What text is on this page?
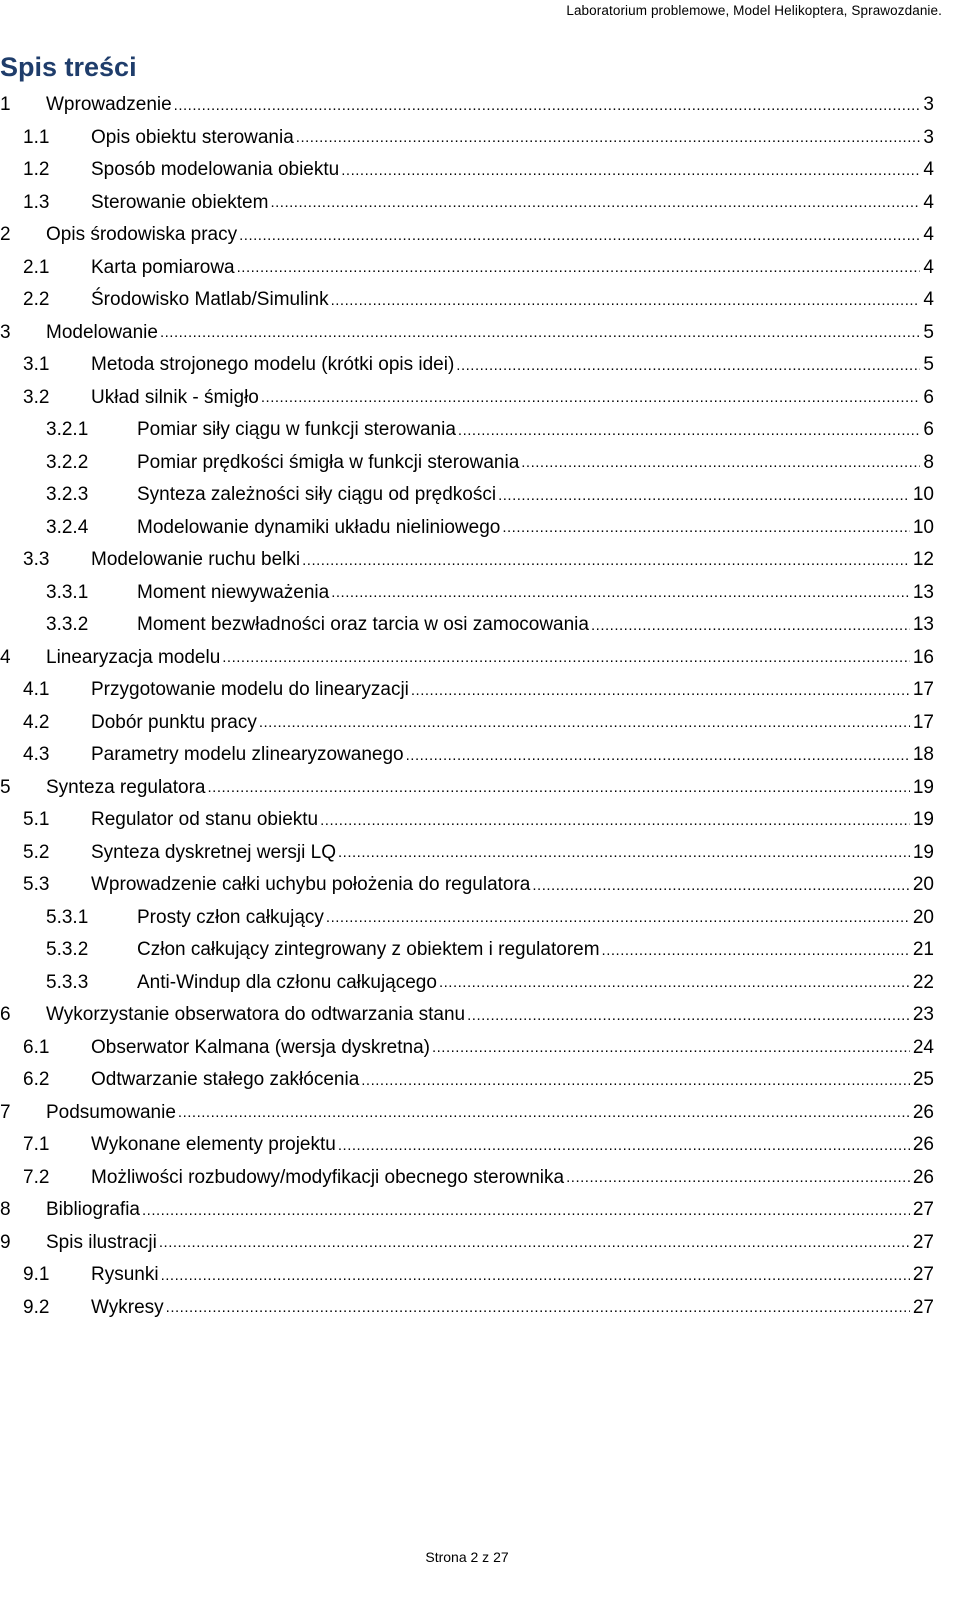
Laboratorium problemowe, Model Helikoptera, Sprawozdanie.
Spis treści
1 Wprowadzenie .....	3
1.1 Opis obiektu sterowania .....	3
1.2 Sposób modelowania obiektu .....	4
1.3 Sterowanie obiektem .....	4
2 Opis środowiska pracy .....	4
2.1 Karta pomiarowa .....	4
2.2 Środowisko Matlab/Simulink .....	4
3 Modelowanie .....	5
3.1 Metoda strojonego modelu (krótki opis idei) .....	5
3.2 Układ silnik - śmigło .....	6
3.2.1	Pomiar siły ciągu w funkcji sterowania .....	6
3.2.2	Pomiar prędkości śmigła w funkcji sterowania .....	8
3.2.3	Synteza zależności siły ciągu od prędkości .....	10
3.2.4	Modelowanie dynamiki układu nieliniowego .....	10
3.3 Modelowanie ruchu belki .....	12
3.3.1	Moment niewyważenia .....	13
3.3.2	Moment bezwładności oraz tarcia w osi zamocowania .....	13
4 Linearyzacja modelu .....	16
4.1 Przygotowanie modelu do linearyzacji .....	17
4.2 Dobór punktu pracy .....	17
4.3 Parametry modelu zlinearyzowanego .....	18
5 Synteza regulatora .....	19
5.1 Regulator od stanu obiektu .....	19
5.2 Synteza dyskretnej wersji LQ .....	19
5.3 Wprowadzenie całki uchybu położenia do regulatora .....	20
5.3.1	Prosty człon całkujący .....	20
5.3.2	Człon całkujący zintegrowany z obiektem i regulatorem .....	21
5.3.3	Anti-Windup dla członu całkującego .....	22
6 Wykorzystanie obserwatora do odtwarzania stanu .....	23
6.1 Obserwator Kalmana (wersja dyskretna) .....	24
6.2 Odtwarzanie stałego zakłócenia .....	25
7 Podsumowanie .....	26
7.1 Wykonane elementy projektu .....	26
7.2 Możliwości rozbudowy/modyfikacji obecnego sterownika .....	26
8 Bibliografia .....	27
9 Spis ilustracji .....	27
9.1 Rysunki .....	27
9.2 Wykresy .....	27
Strona 2 z 27
